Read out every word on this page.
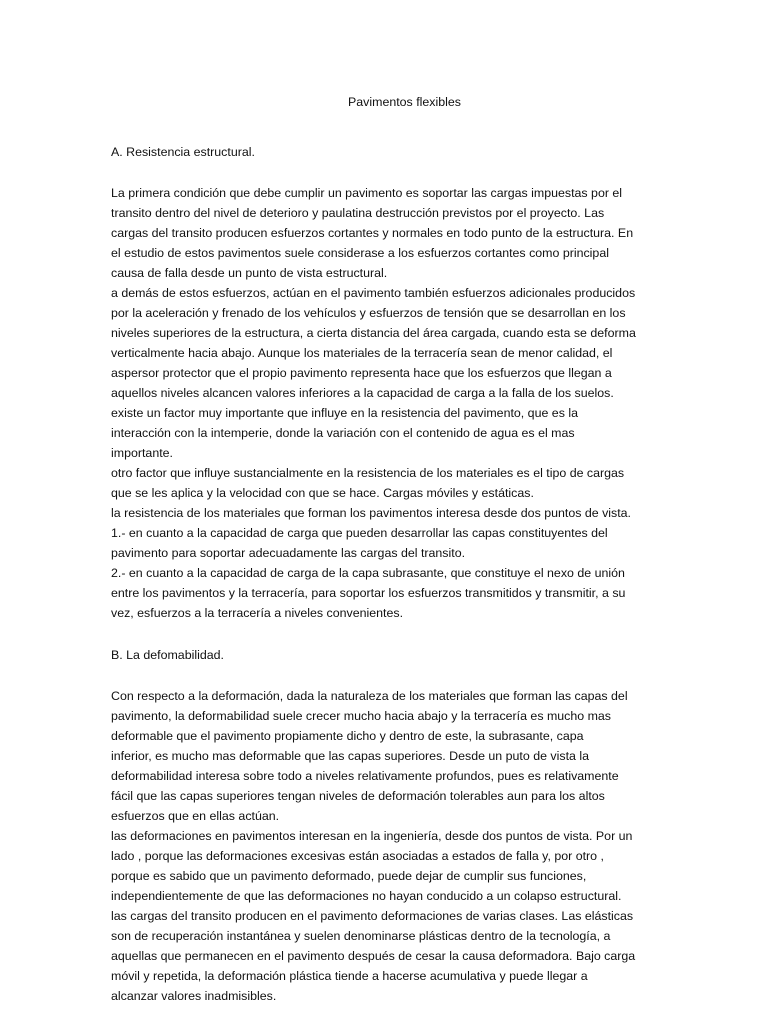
Pavimentos flexibles
A. Resistencia estructural.
La primera condición que debe cumplir un pavimento es soportar las cargas impuestas por el
transito dentro del nivel de deterioro y paulatina destrucción previstos por el proyecto. Las
cargas del transito producen esfuerzos cortantes y normales en todo punto de la estructura. En
el estudio de estos pavimentos suele considerase a los esfuerzos cortantes como principal
causa de falla desde un punto de vista estructural.
a demás de estos esfuerzos, actúan en el pavimento también esfuerzos adicionales producidos
por la aceleración y frenado de los vehículos y esfuerzos de tensión que se desarrollan en los
niveles superiores de la estructura, a cierta distancia del área cargada, cuando esta se deforma
verticalmente hacia abajo. Aunque los materiales de la terracería sean de menor calidad, el
aspersor protector que el propio pavimento representa hace que los esfuerzos que llegan a
aquellos niveles alcancen valores inferiores a la capacidad de carga a la falla de los suelos.
existe un factor muy importante que influye en la resistencia del pavimento, que es la
interacción con la intemperie, donde la variación con el contenido de agua es el mas
importante.
otro factor que influye sustancialmente en la resistencia de los materiales es el tipo de cargas
que se les aplica y la velocidad con que se hace. Cargas móviles y estáticas.
la resistencia de los materiales que forman los pavimentos interesa desde dos puntos de vista.
1.- en cuanto a la capacidad de carga que pueden desarrollar las capas constituyentes del
pavimento para soportar adecuadamente las cargas del transito.
2.- en cuanto a la capacidad de carga de la capa subrasante, que constituye el nexo de unión
entre los pavimentos y la terracería, para soportar los esfuerzos transmitidos y transmitir, a su
vez, esfuerzos a la terracería a niveles convenientes.
B. La defomabilidad.
Con respecto a la deformación, dada la naturaleza de los materiales que forman las capas del
pavimento, la deformabilidad suele crecer mucho hacia abajo y la terracería es mucho mas
deformable que el pavimento propiamente dicho y dentro de este, la subrasante, capa
inferior, es mucho mas deformable que las capas superiores. Desde un puto de vista la
deformabilidad interesa sobre todo a niveles relativamente profundos, pues es relativamente
fácil que las capas superiores tengan niveles de deformación tolerables aun para los altos
esfuerzos que en ellas actúan.
las deformaciones en pavimentos interesan en la ingeniería, desde dos puntos de vista. Por un
lado , porque las deformaciones excesivas están asociadas a estados de falla y, por otro ,
porque es sabido que un pavimento deformado, puede dejar de cumplir sus funciones,
independientemente de que las deformaciones no hayan conducido a un colapso estructural.
las cargas del transito producen en el pavimento deformaciones de varias clases. Las elásticas
son de recuperación instantánea y suelen denominarse plásticas dentro de la tecnología, a
aquellas que permanecen en el pavimento después de cesar la causa deformadora. Bajo carga
móvil y repetida, la deformación plástica tiende a hacerse acumulativa y puede llegar a
alcanzar valores inadmisibles.
